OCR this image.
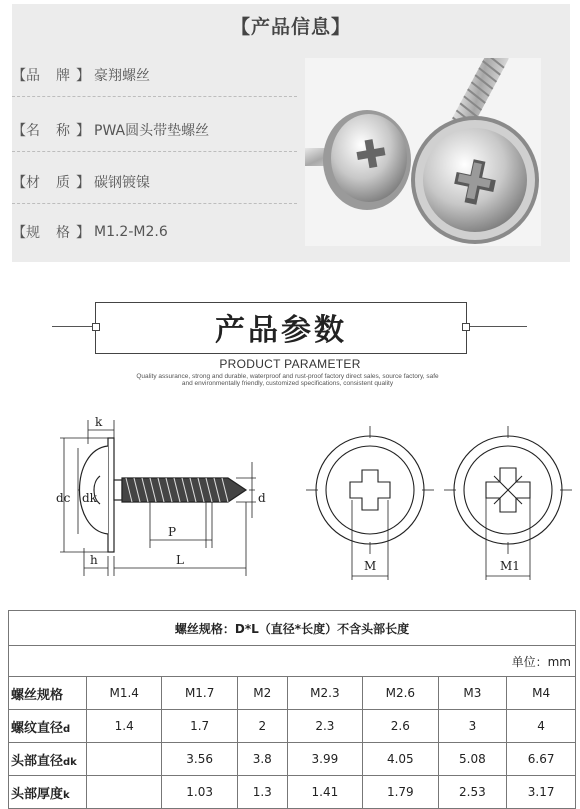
【产品信息】
【 品 牌 】 豪翔螺丝
【 名 称 】 PWA圆头带垫螺丝
【 材 质 】 碳钢镀镍
【 规 格 】 M1.2-M2.6
产品参数
PRODUCT PARAMETER
Quality assurance, strong and durable, waterproof and rust-proof factory direct sales, source factory, safe
and environmentally friendly, customized specifications, consistent quality
k
dc dk	d
P
h	L	M	M1
螺丝规格：D*L（直径*长度）不含头部长度							
单位：mm							
螺丝规格	M1.4	M1.7	M2	M2.3	M2.6	M3	M4
螺纹直径d	1.4	1.7	2	2.3	2.6	3	4
头部直径dk		3.56	3.8	3.99	4.05	5.08	6.67
头部厚度k		1.03	1.3	1.41	1.79	2.53	3.17
